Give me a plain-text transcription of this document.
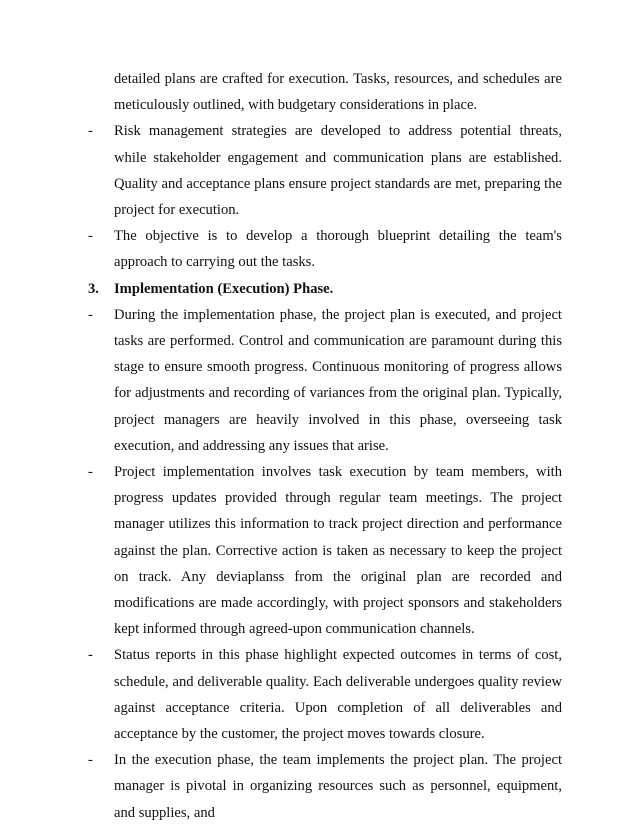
detailed plans are crafted for execution. Tasks, resources, and schedules are meticulously outlined, with budgetary considerations in place.

-	Risk management strategies are developed to address potential threats, while stakeholder engagement and communication plans are established. Quality and acceptance plans ensure project standards are met, preparing the project for execution.

-	The objective is to develop a thorough blueprint detailing the team's approach to carrying out the tasks.

3.	Implementation (Execution) Phase.

-	During the implementation phase, the project plan is executed, and project tasks are performed. Control and communication are paramount during this stage to ensure smooth progress. Continuous monitoring of progress allows for adjustments and recording of variances from the original plan. Typically, project managers are heavily involved in this phase, overseeing task execution, and addressing any issues that arise.

-	Project implementation involves task execution by team members, with progress updates provided through regular team meetings. The project manager utilizes this information to track project direction and performance against the plan. Corrective action is taken as necessary to keep the project on track. Any deviaplanss from the original plan are recorded and modifications are made accordingly, with project sponsors and stakeholders kept informed through agreed-upon communication channels.

-	Status reports in this phase highlight expected outcomes in terms of cost, schedule, and deliverable quality. Each deliverable undergoes quality review against acceptance criteria. Upon completion of all deliverables and acceptance by the customer, the project moves towards closure.

-	In the execution phase, the team implements the project plan. The project manager is pivotal in organizing resources such as personnel, equipment, and supplies, and
